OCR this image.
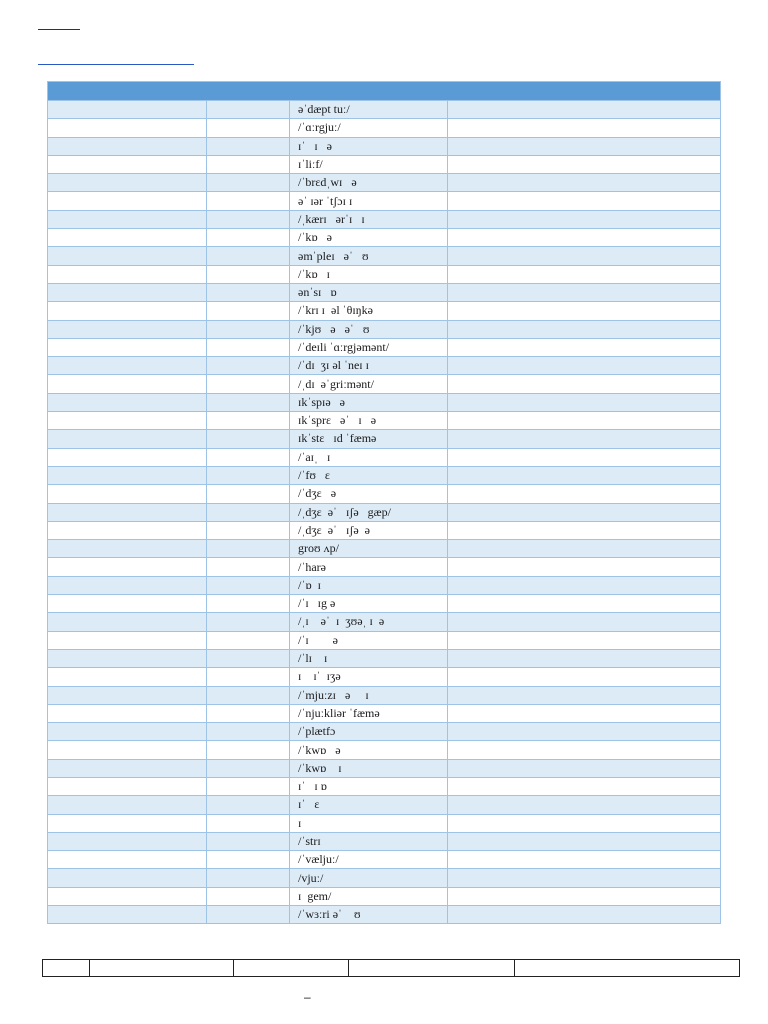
		əˈdæpt tuː/	
		/ˈɑːrgjuː/	
		ɪˈ   ɪ   ə	
		ɪˈliːf/	
		/ˈbrɛdˌwɪ   ə	
		əˈ ɪər ˈtʃɔɪ ɪ	
		/ˌkærɪ   ərˈɪ   ɪ	
		/ˈkɒ   ə	
		əmˈpleɪ   əˈ   ʊ	
		/ˈkɒ   ɪ	
		ənˈsɪ   ɒ	
		/ˈkrɪ ɪ  əl ˈθɪŋkə	
		/ˈkjʊ   ə   əˈ   ʊ	
		/ˈdeɪli ˈɑːrgjəmənt/	
		/ˈdɪ  ʒɪ əl ˈneɪ ɪ	
		/ˌdɪ  əˈgriːmənt/	
		ɪkˈspɪə   ə	
		ɪkˈsprɛ   əˈ   ɪ   ə	
		ɪkˈstɛ   ɪd ˈfæmə	
		/ˈaɪˌ   ɪ	
		/ˈfʊ   ɛ	
		/ˈdʒɛ   ə	
		/ˌdʒɛ  əˈ   ɪʃə   gæp/	
		/ˌdʒɛ  əˈ   ɪʃə  ə	
		groʊ ʌp/	
		/ˈharə	
		/ˈɒ  ɪ	
		/ˈɪ   ɪg ə	
		/ˌɪ    əˈ  ɪ  ʒʊəˌ ɪ  ə	
		/ˈɪ        ə	
		/ˈlɪ    ɪ	
		ɪ    ɪˈ  ɪʒə	
		/ˈmjuːzɪ   ə     ɪ	
		/ˈnjuːkliər ˈfæmə	
		/ˈplætfɔ	
		/ˈkwɒ   ə	
		/ˈkwɒ    ɪ	
		ɪˈ   ɪ ɒ	
		ɪˈ   ɛ	
		ɪ	
		/ˈstrɪ	
		/ˈvæljuː/	
		/vjuː/	
		ɪ  gem/	
		/ˈwɜːri əˈ    ʊ	

–
